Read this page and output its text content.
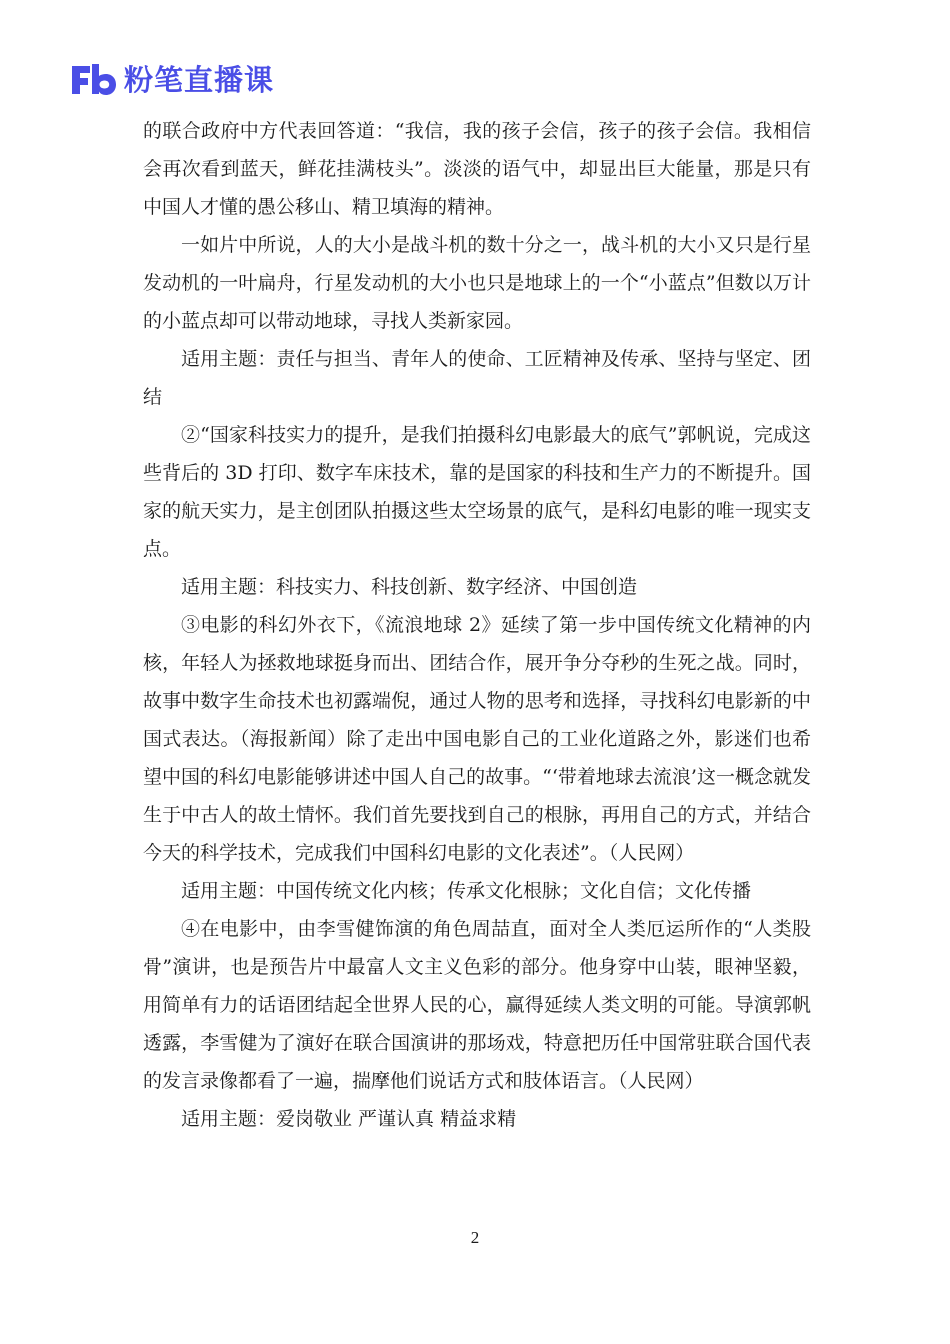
粉笔直播课

的联合政府中方代表回答道：“我信，我的孩子会信，孩子的孩子会信。我相信会再次看到蓝天，鲜花挂满枝头”。淡淡的语气中，却显出巨大能量，那是只有中国人才懂的愚公移山、精卫填海的精神。

一如片中所说，人的大小是战斗机的数十分之一，战斗机的大小又只是行星发动机的一叶扁舟，行星发动机的大小也只是地球上的一个“小蓝点”但数以万计的小蓝点却可以带动地球，寻找人类新家园。

适用主题：责任与担当、青年人的使命、工匠精神及传承、坚持与坚定、团结

②“国家科技实力的提升，是我们拍摄科幻电影最大的底气”郭帆说，完成这些背后的 3D 打印、数字车床技术，靠的是国家的科技和生产力的不断提升。国家的航天实力，是主创团队拍摄这些太空场景的底气，是科幻电影的唯一现实支点。

适用主题：科技实力、科技创新、数字经济、中国创造

③电影的科幻外衣下，《流浪地球 2》延续了第一步中国传统文化精神的内核，年轻人为拯救地球挺身而出、团结合作，展开争分夺秒的生死之战。同时，故事中数字生命技术也初露端倪，通过人物的思考和选择，寻找科幻电影新的中国式表达。（海报新闻）除了走出中国电影自己的工业化道路之外，影迷们也希望中国的科幻电影能够讲述中国人自己的故事。“‘带着地球去流浪’这一概念就发生于中古人的故土情怀。我们首先要找到自己的根脉，再用自己的方式，并结合今天的科学技术，完成我们中国科幻电影的文化表述”。（人民网）

适用主题：中国传统文化内核；传承文化根脉；文化自信；文化传播

④在电影中，由李雪健饰演的角色周喆直，面对全人类厄运所作的“人类股骨”演讲，也是预告片中最富人文主义色彩的部分。他身穿中山装，眼神坚毅，用简单有力的话语团结起全世界人民的心，赢得延续人类文明的可能。导演郭帆透露，李雪健为了演好在联合国演讲的那场戏，特意把历任中国常驻联合国代表的发言录像都看了一遍，揣摩他们说话方式和肢体语言。（人民网）

适用主题：爱岗敬业 严谨认真 精益求精

2
